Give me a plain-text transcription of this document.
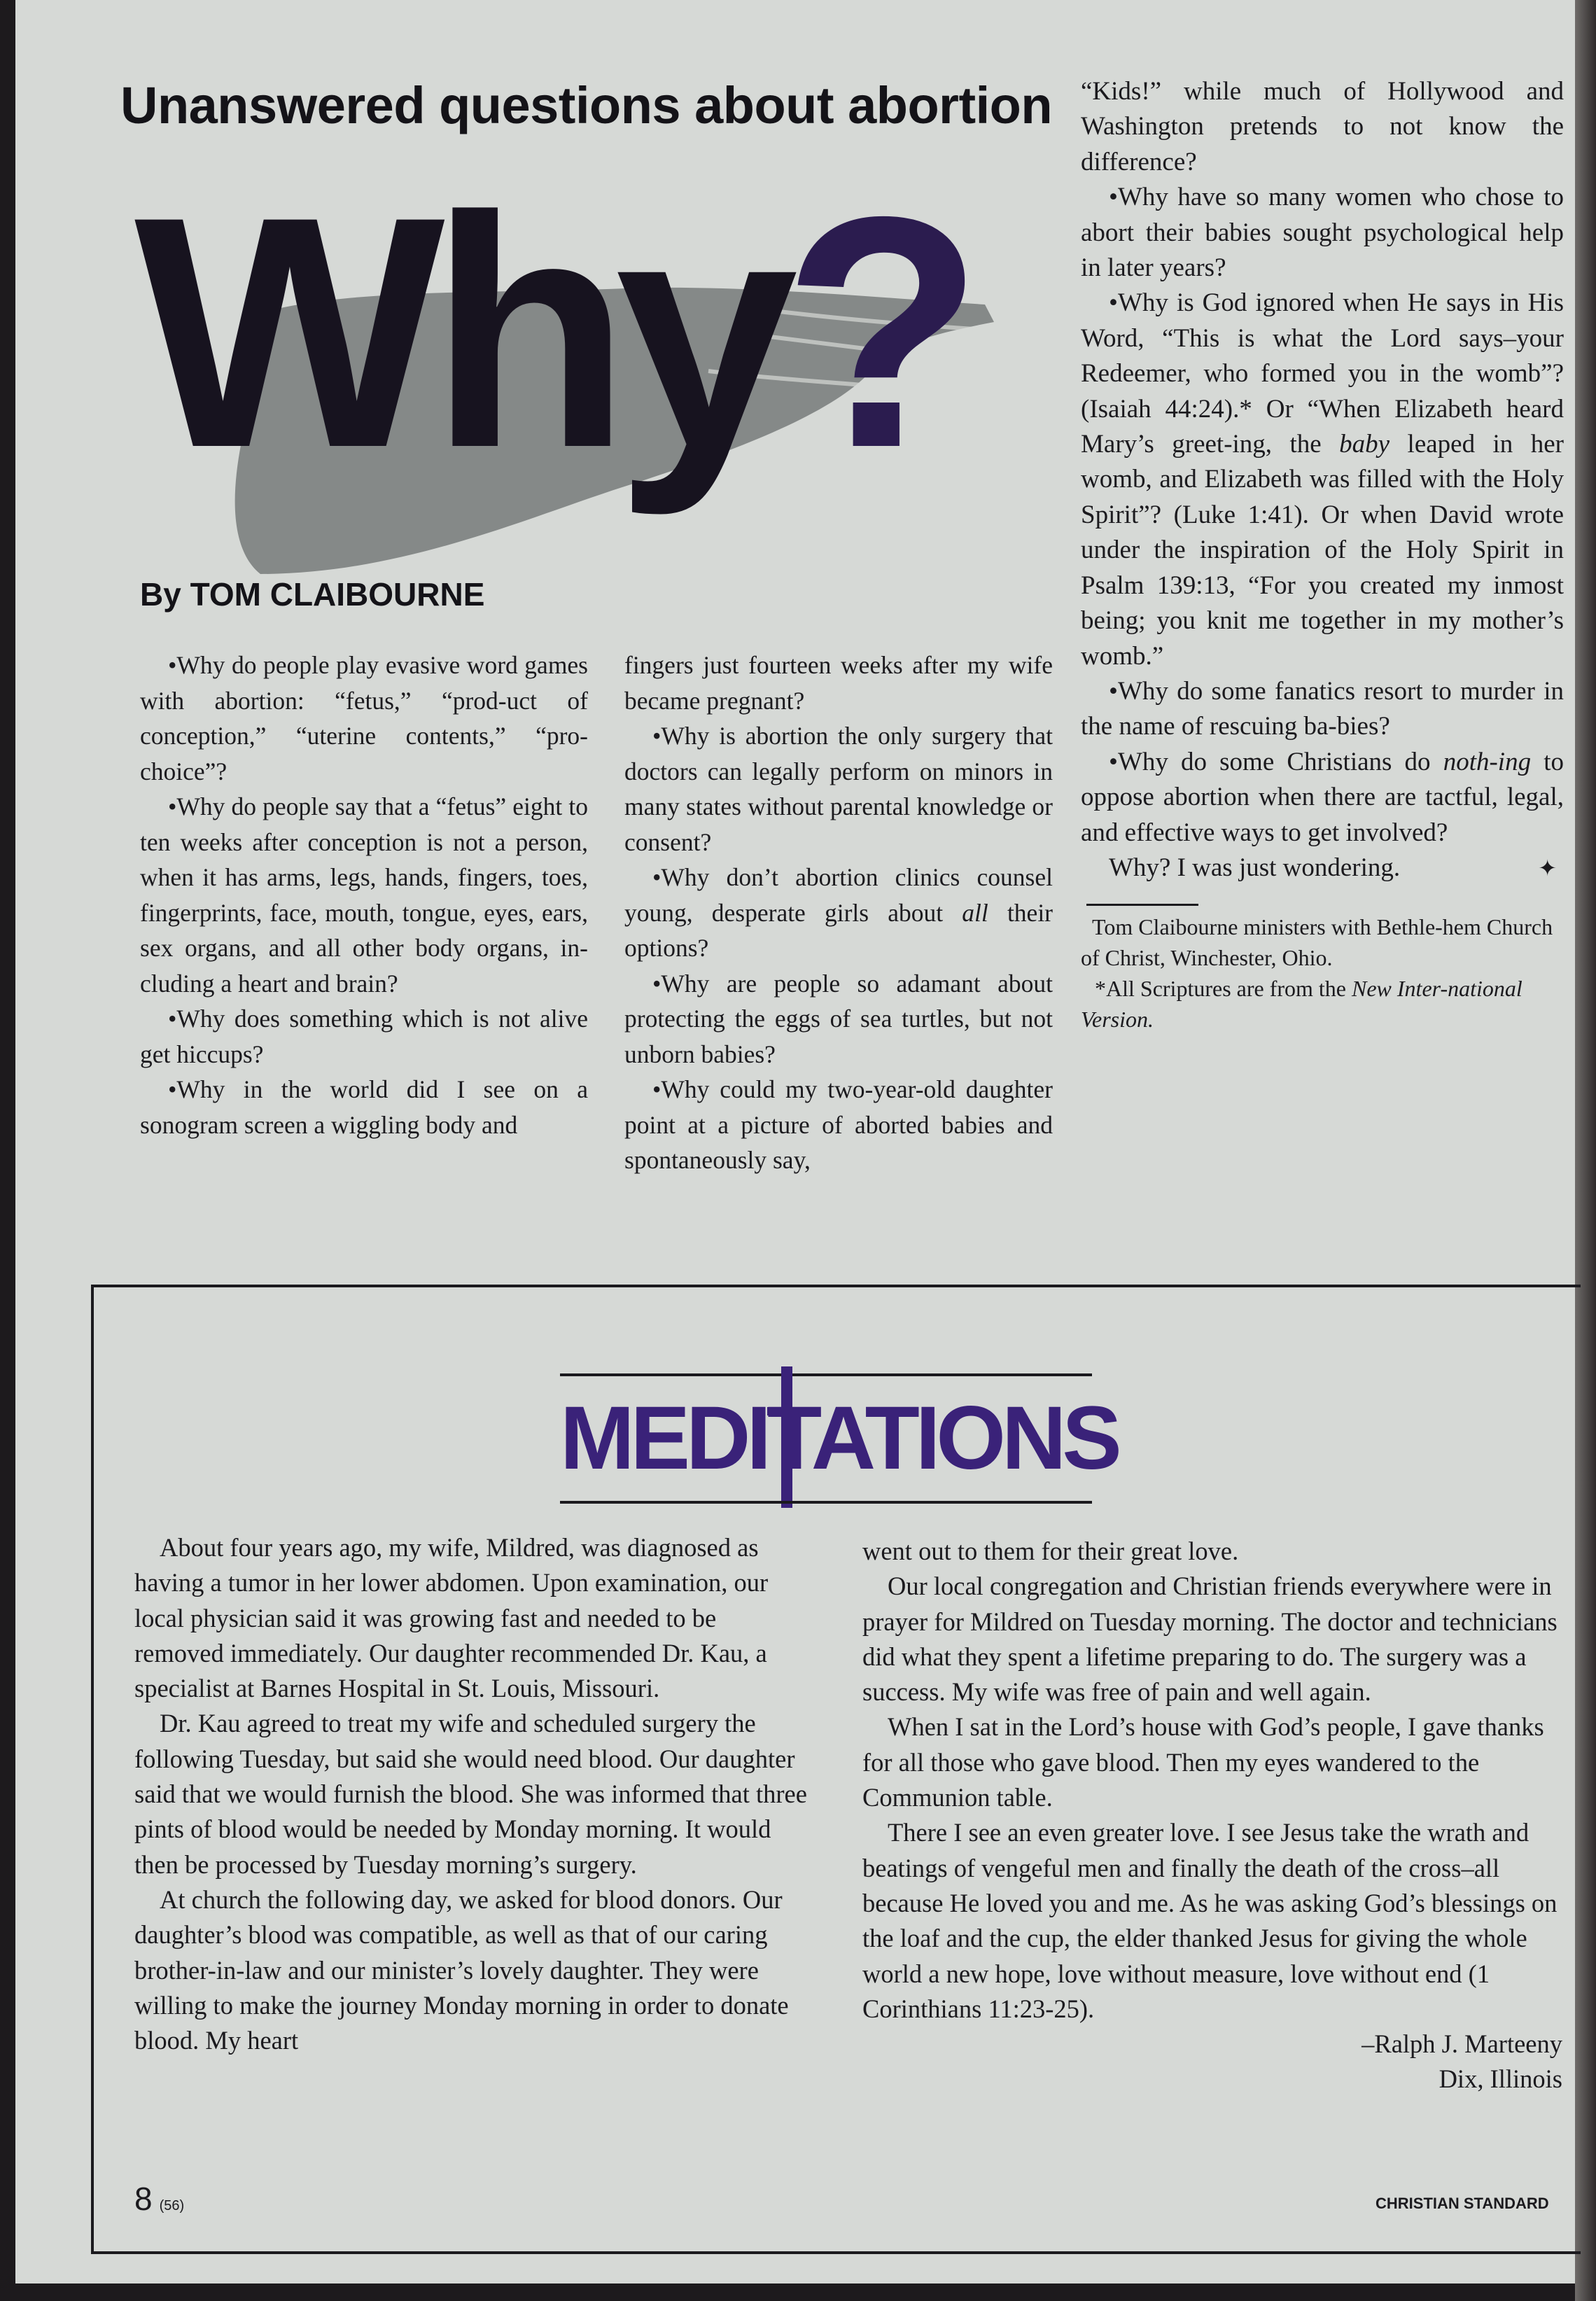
Unanswered questions about abortion
Why?
By TOM CLAIBOURNE

•Why do people play evasive word games with abortion: “fetus,” “prod-uct of conception,” “uterine contents,” “pro-choice”?

•Why do people say that a “fetus” eight to ten weeks after conception is not a person, when it has arms, legs, hands, fingers, toes, fingerprints, face, mouth, tongue, eyes, ears, sex organs, and all other body organs, in-cluding a heart and brain?

•Why does something which is not alive get hiccups?

•Why in the world did I see on a sonogram screen a wiggling body and

fingers just fourteen weeks after my wife became pregnant?

•Why is abortion the only surgery that doctors can legally perform on minors in many states without parental knowledge or consent?

•Why don’t abortion clinics counsel young, desperate girls about all their options?

•Why are people so adamant about protecting the eggs of sea turtles, but not unborn babies?

•Why could my two-year-old daughter point at a picture of aborted babies and spontaneously say,

“Kids!” while much of Hollywood and Washington pretends to not know the difference?

•Why have so many women who chose to abort their babies sought psychological help in later years?

•Why is God ignored when He says in His Word, “This is what the Lord says–your Redeemer, who formed you in the womb”? (Isaiah 44:24).* Or “When Elizabeth heard Mary’s greet-ing, the baby leaped in her womb, and Elizabeth was filled with the Holy Spirit”? (Luke 1:41). Or when David wrote under the inspiration of the Holy Spirit in Psalm 139:13, “For you created my inmost being; you knit me together in my mother’s womb.”

•Why do some fanatics resort to murder in the name of rescuing ba-bies?

•Why do some Christians do noth-ing to oppose abortion when there are tactful, legal, and effective ways to get involved?

Why? I was just wondering.	✦

Tom Claibourne ministers with Bethle-hem Church of Christ, Winchester, Ohio.

*All Scriptures are from the New Inter-national Version.

MEDITATIONS

About four years ago, my wife, Mildred, was diagnosed as having a tumor in her lower abdomen. Upon examination, our local physician said it was growing fast and needed to be removed immediately. Our daughter recommended Dr. Kau, a specialist at Barnes Hospital in St. Louis, Missouri.

Dr. Kau agreed to treat my wife and scheduled surgery the following Tuesday, but said she would need blood. Our daughter said that we would furnish the blood. She was informed that three pints of blood would be needed by Monday morning. It would then be processed by Tuesday morning’s surgery.

At church the following day, we asked for blood donors. Our daughter’s blood was compatible, as well as that of our caring brother-in-law and our minister’s lovely daughter. They were willing to make the journey Monday morning in order to donate blood. My heart

went out to them for their great love.

Our local congregation and Christian friends everywhere were in prayer for Mildred on Tuesday morning. The doctor and technicians did what they spent a lifetime preparing to do. The surgery was a success. My wife was free of pain and well again.

When I sat in the Lord’s house with God’s people, I gave thanks for all those who gave blood. Then my eyes wandered to the Communion table.

There I see an even greater love. I see Jesus take the wrath and beatings of vengeful men and finally the death of the cross–all because He loved you and me. As he was asking God’s blessings on the loaf and the cup, the elder thanked Jesus for giving the whole world a new hope, love without measure, love without end (1 Corinthians 11:23-25).

–Ralph J. Marteeny
Dix, Illinois
8 (56)	CHRISTIAN STANDARD
